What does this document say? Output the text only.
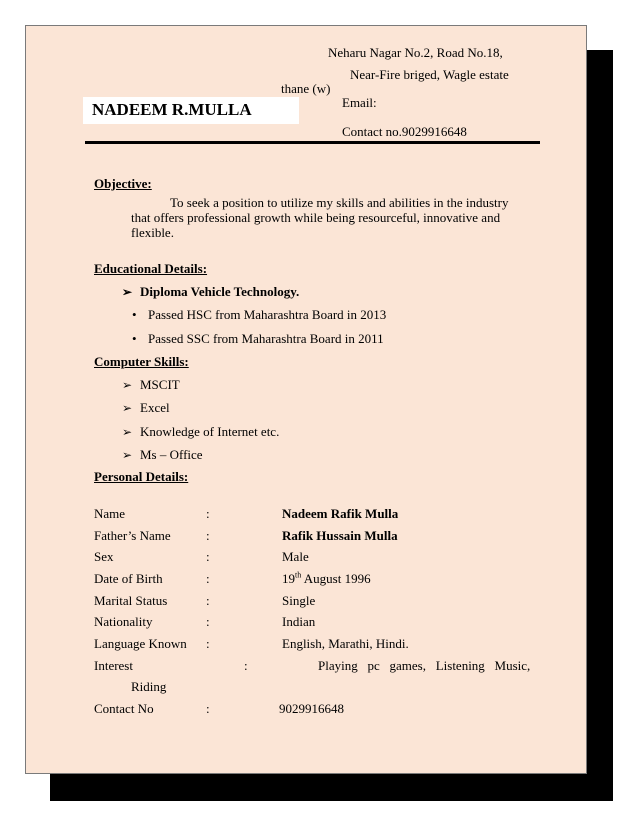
Neharu Nagar No.2, Road No.18,
Near-Fire briged, Wagle estate
thane (w)
Email:
Contact no.9029916648
NADEEM R.MULLA
Objective:
To seek a position to utilize my skills and abilities in the industry
that offers professional growth while being resourceful, innovative and
flexible.
Educational Details:
➢ Diploma Vehicle Technology.
• Passed HSC from Maharashtra Board in 2013
• Passed SSC from Maharashtra Board in 2011
Computer Skills:
➢ MSCIT
➢ Excel
➢ Knowledge of Internet etc.
➢ Ms – Office
Personal Details:
Name	:	Nadeem Rafik Mulla
Father’s Name	:	Rafik Hussain Mulla
Sex	:	Male
Date of Birth	:	19th August 1996
Marital Status	:	Single
Nationality	:	Indian
Language Known :	English, Marathi, Hindi.
Interest	:	Playing   pc   games,   Listening   Music,
Riding
Contact No	:	9029916648
